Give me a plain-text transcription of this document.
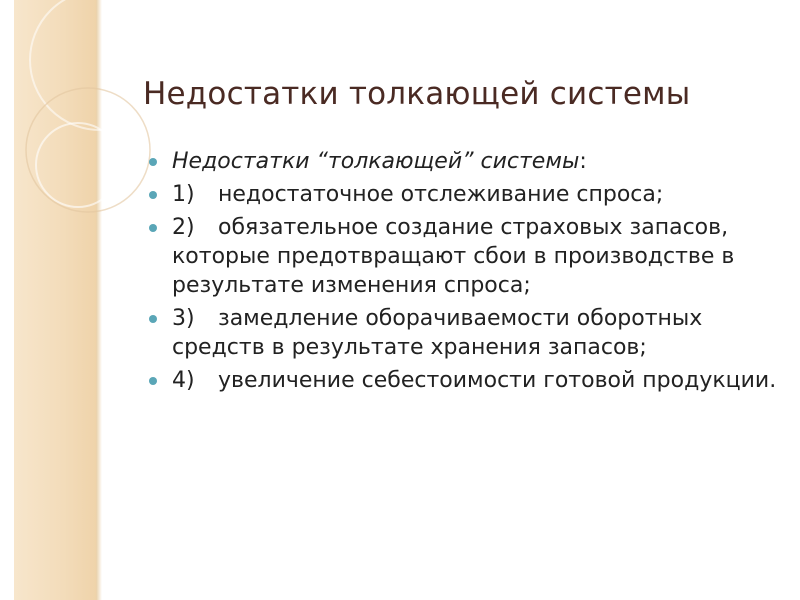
Недостатки толкающей системы
Недостатки “толкающей” системы:
1) недостаточное отслеживание спроса;
2) обязательное создание страховых запасов, которые предотвращают сбои в производстве в результате изменения спроса;
3) замедление оборачиваемости оборотных средств в результате хранения запасов;
4) увеличение себестоимости готовой продукции.
